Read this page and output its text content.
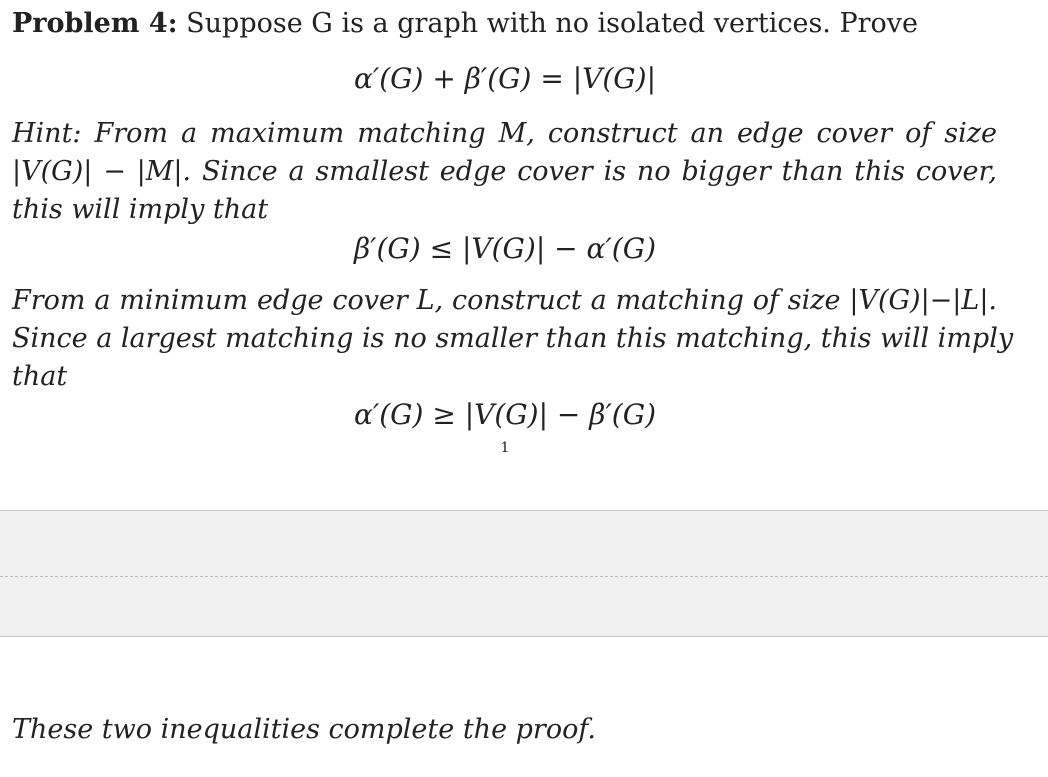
Problem 4: Suppose G is a graph with no isolated vertices. Prove
α′(G) + β′(G) = |V(G)|
Hint: From a maximum matching M, construct an edge cover of size
|V(G)| − |M|. Since a smallest edge cover is no bigger than this cover,
this will imply that
β′(G) ≤ |V(G)| − α′(G)
From a minimum edge cover L, construct a matching of size |V(G)|−|L|.
Since a largest matching is no smaller than this matching, this will imply
that
α′(G) ≥ |V(G)| − β′(G)
1
These two inequalities complete the proof.
